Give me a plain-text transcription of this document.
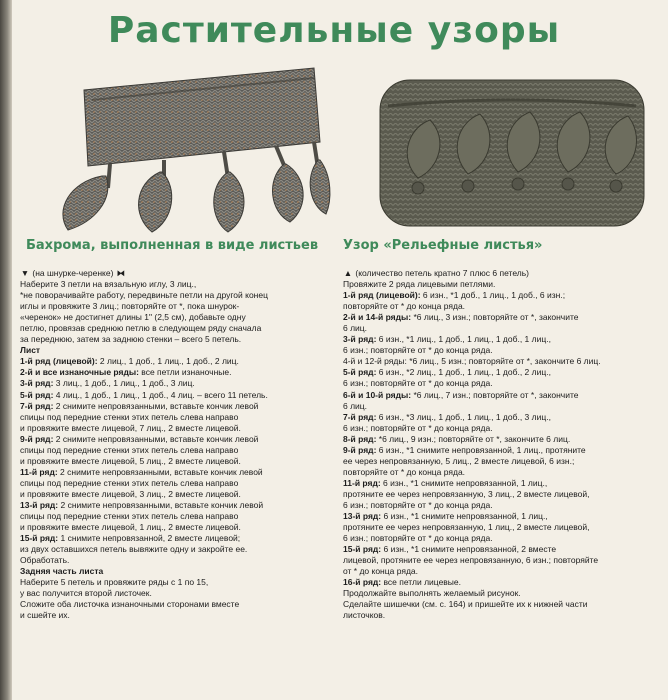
Растительные узоры
Бахрома, выполненная в виде листьев Узор «Рельефные листья»

▼ (на шнурке-черенке) ⧓

Наберите 3 петли на вязальную иглу, 3 лиц.,

*не поворачивайте работу, передвиньте петли на другой конец

иглы и провяжите 3 лиц.; повторяйте от *, пока шнурок-

«черенок» не достигнет длины 1" (2,5 см), добавьте одну

петлю, провязав среднюю петлю в следующем ряду сначала

за переднюю, затем за заднюю стенки – всего 5 петель.

Лист

1-й ряд (лицевой): 2 лиц., 1 доб., 1 лиц., 1 доб., 2 лиц.

2-й и все изнаночные ряды: все петли изнаночные.

3-й ряд: 3 лиц., 1 доб., 1 лиц., 1 доб., 3 лиц.

5-й ряд: 4 лиц., 1 доб., 1 лиц., 1 доб., 4 лиц. – всего 11 петель.

7-й ряд: 2 снимите непровязанными, вставьте кончик левой

спицы под передние стенки этих петель слева направо

и провяжите вместе лицевой, 7 лиц., 2 вместе лицевой.

9-й ряд: 2 снимите непровязанными, вставьте кончик левой

спицы под передние стенки этих петель слева направо

и провяжите вместе лицевой, 5 лиц., 2 вместе лицевой.

11-й ряд: 2 снимите непровязанными, вставьте кончик левой

спицы под передние стенки этих петель слева направо

и провяжите вместе лицевой, 3 лиц., 2 вместе лицевой.

13-й ряд: 2 снимите непровязанными, вставьте кончик левой

спицы под передние стенки этих петель слева направо

и провяжите вместе лицевой, 1 лиц., 2 вместе лицевой.

15-й ряд: 1 снимите непровязанной, 2 вместе лицевой;

из двух оставшихся петель вывяжите одну и закройте ее.

Обработать.

Задняя часть листа

Наберите 5 петель и провяжите ряды с 1 по 15,

у вас получится второй листочек.

Сложите оба листочка изнаночными сторонами вместе

и сшейте их.

▲ (количество петель кратно 7 плюс 6 петель)

Провяжите 2 ряда лицевыми петлями.

1-й ряд (лицевой): 6 изн., *1 доб., 1 лиц., 1 доб., 6 изн.;

повторяйте от * до конца ряда.

2-й и 14-й ряды: *6 лиц., 3 изн.; повторяйте от *, закончите

6 лиц.

3-й ряд: 6 изн., *1 лиц., 1 доб., 1 лиц., 1 доб., 1 лиц.,

6 изн.; повторяйте от * до конца ряда.

4-й и 12-й ряды: *6 лиц., 5 изн.; повторяйте от *, закончите 6 лиц.

5-й ряд: 6 изн., *2 лиц., 1 доб., 1 лиц., 1 доб., 2 лиц.,

6 изн.; повторяйте от * до конца ряда.

6-й и 10-й ряды: *6 лиц., 7 изн.; повторяйте от *, закончите

6 лиц.

7-й ряд: 6 изн., *3 лиц., 1 доб., 1 лиц., 1 доб., 3 лиц.,

6 изн.; повторяйте от * до конца ряда.

8-й ряд: *6 лиц., 9 изн.; повторяйте от *, закончите 6 лиц.

9-й ряд: 6 изн., *1 снимите непровязанной, 1 лиц., протяните

ее через непровязанную, 5 лиц., 2 вместе лицевой, 6 изн.;

повторяйте от * до конца ряда.

11-й ряд: 6 изн., *1 снимите непровязанной, 1 лиц.,

протяните ее через непровязанную, 3 лиц., 2 вместе лицевой,

6 изн.; повторяйте от * до конца ряда.

13-й ряд: 6 изн., *1 снимите непровязанной, 1 лиц.,

протяните ее через непровязанную, 1 лиц., 2 вместе лицевой,

6 изн.; повторяйте от * до конца ряда.

15-й ряд: 6 изн., *1 снимите непровязанной, 2 вместе

лицевой, протяните ее через непровязанную, 6 изн.; повторяйте

от * до конца ряда.

16-й ряд: все петли лицевые.

Продолжайте выполнять желаемый рисунок.

Сделайте шишечки (см. с. 164) и пришейте их к нижней части

листочков.
